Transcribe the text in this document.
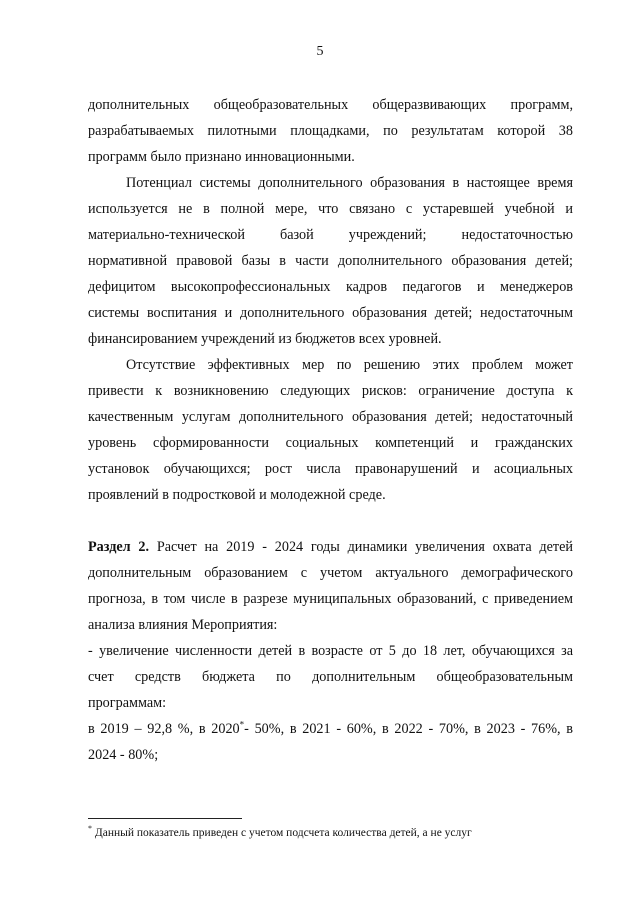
5
дополнительных общеобразовательных общеразвивающих программ,
разрабатываемых пилотными площадками, по результатам которой 38
программ было признано инновационными.
Потенциал системы дополнительного образования в настоящее время
используется не в полной мере, что связано с устаревшей учебной и
материально-технической базой учреждений; недостаточностью
нормативной правовой базы в части дополнительного образования детей;
дефицитом высокопрофессиональных кадров педагогов и менеджеров
системы воспитания и дополнительного образования детей; недостаточным
финансированием учреждений из бюджетов всех уровней.
Отсутствие эффективных мер по решению этих проблем может
привести к возникновению следующих рисков: ограничение доступа к
качественным услугам дополнительного образования детей; недостаточный
уровень сформированности социальных компетенций и гражданских
установок обучающихся; рост числа правонарушений и асоциальных
проявлений в подростковой и молодежной среде.
Раздел 2. Расчет на 2019 - 2024 годы динамики увеличения охвата детей
дополнительным образованием с учетом актуального демографического
прогноза, в том числе в разрезе муниципальных образований, с приведением
анализа влияния Мероприятия:
- увеличение численности детей в возрасте от 5 до 18 лет, обучающихся за
счет средств бюджета по дополнительным общеобразовательным
программам:
в 2019 – 92,8 %, в 2020*- 50%, в 2021 - 60%, в 2022 - 70%, в 2023 - 76%, в
2024 - 80%;
* Данный показатель приведен с учетом подсчета количества детей, а не услуг
